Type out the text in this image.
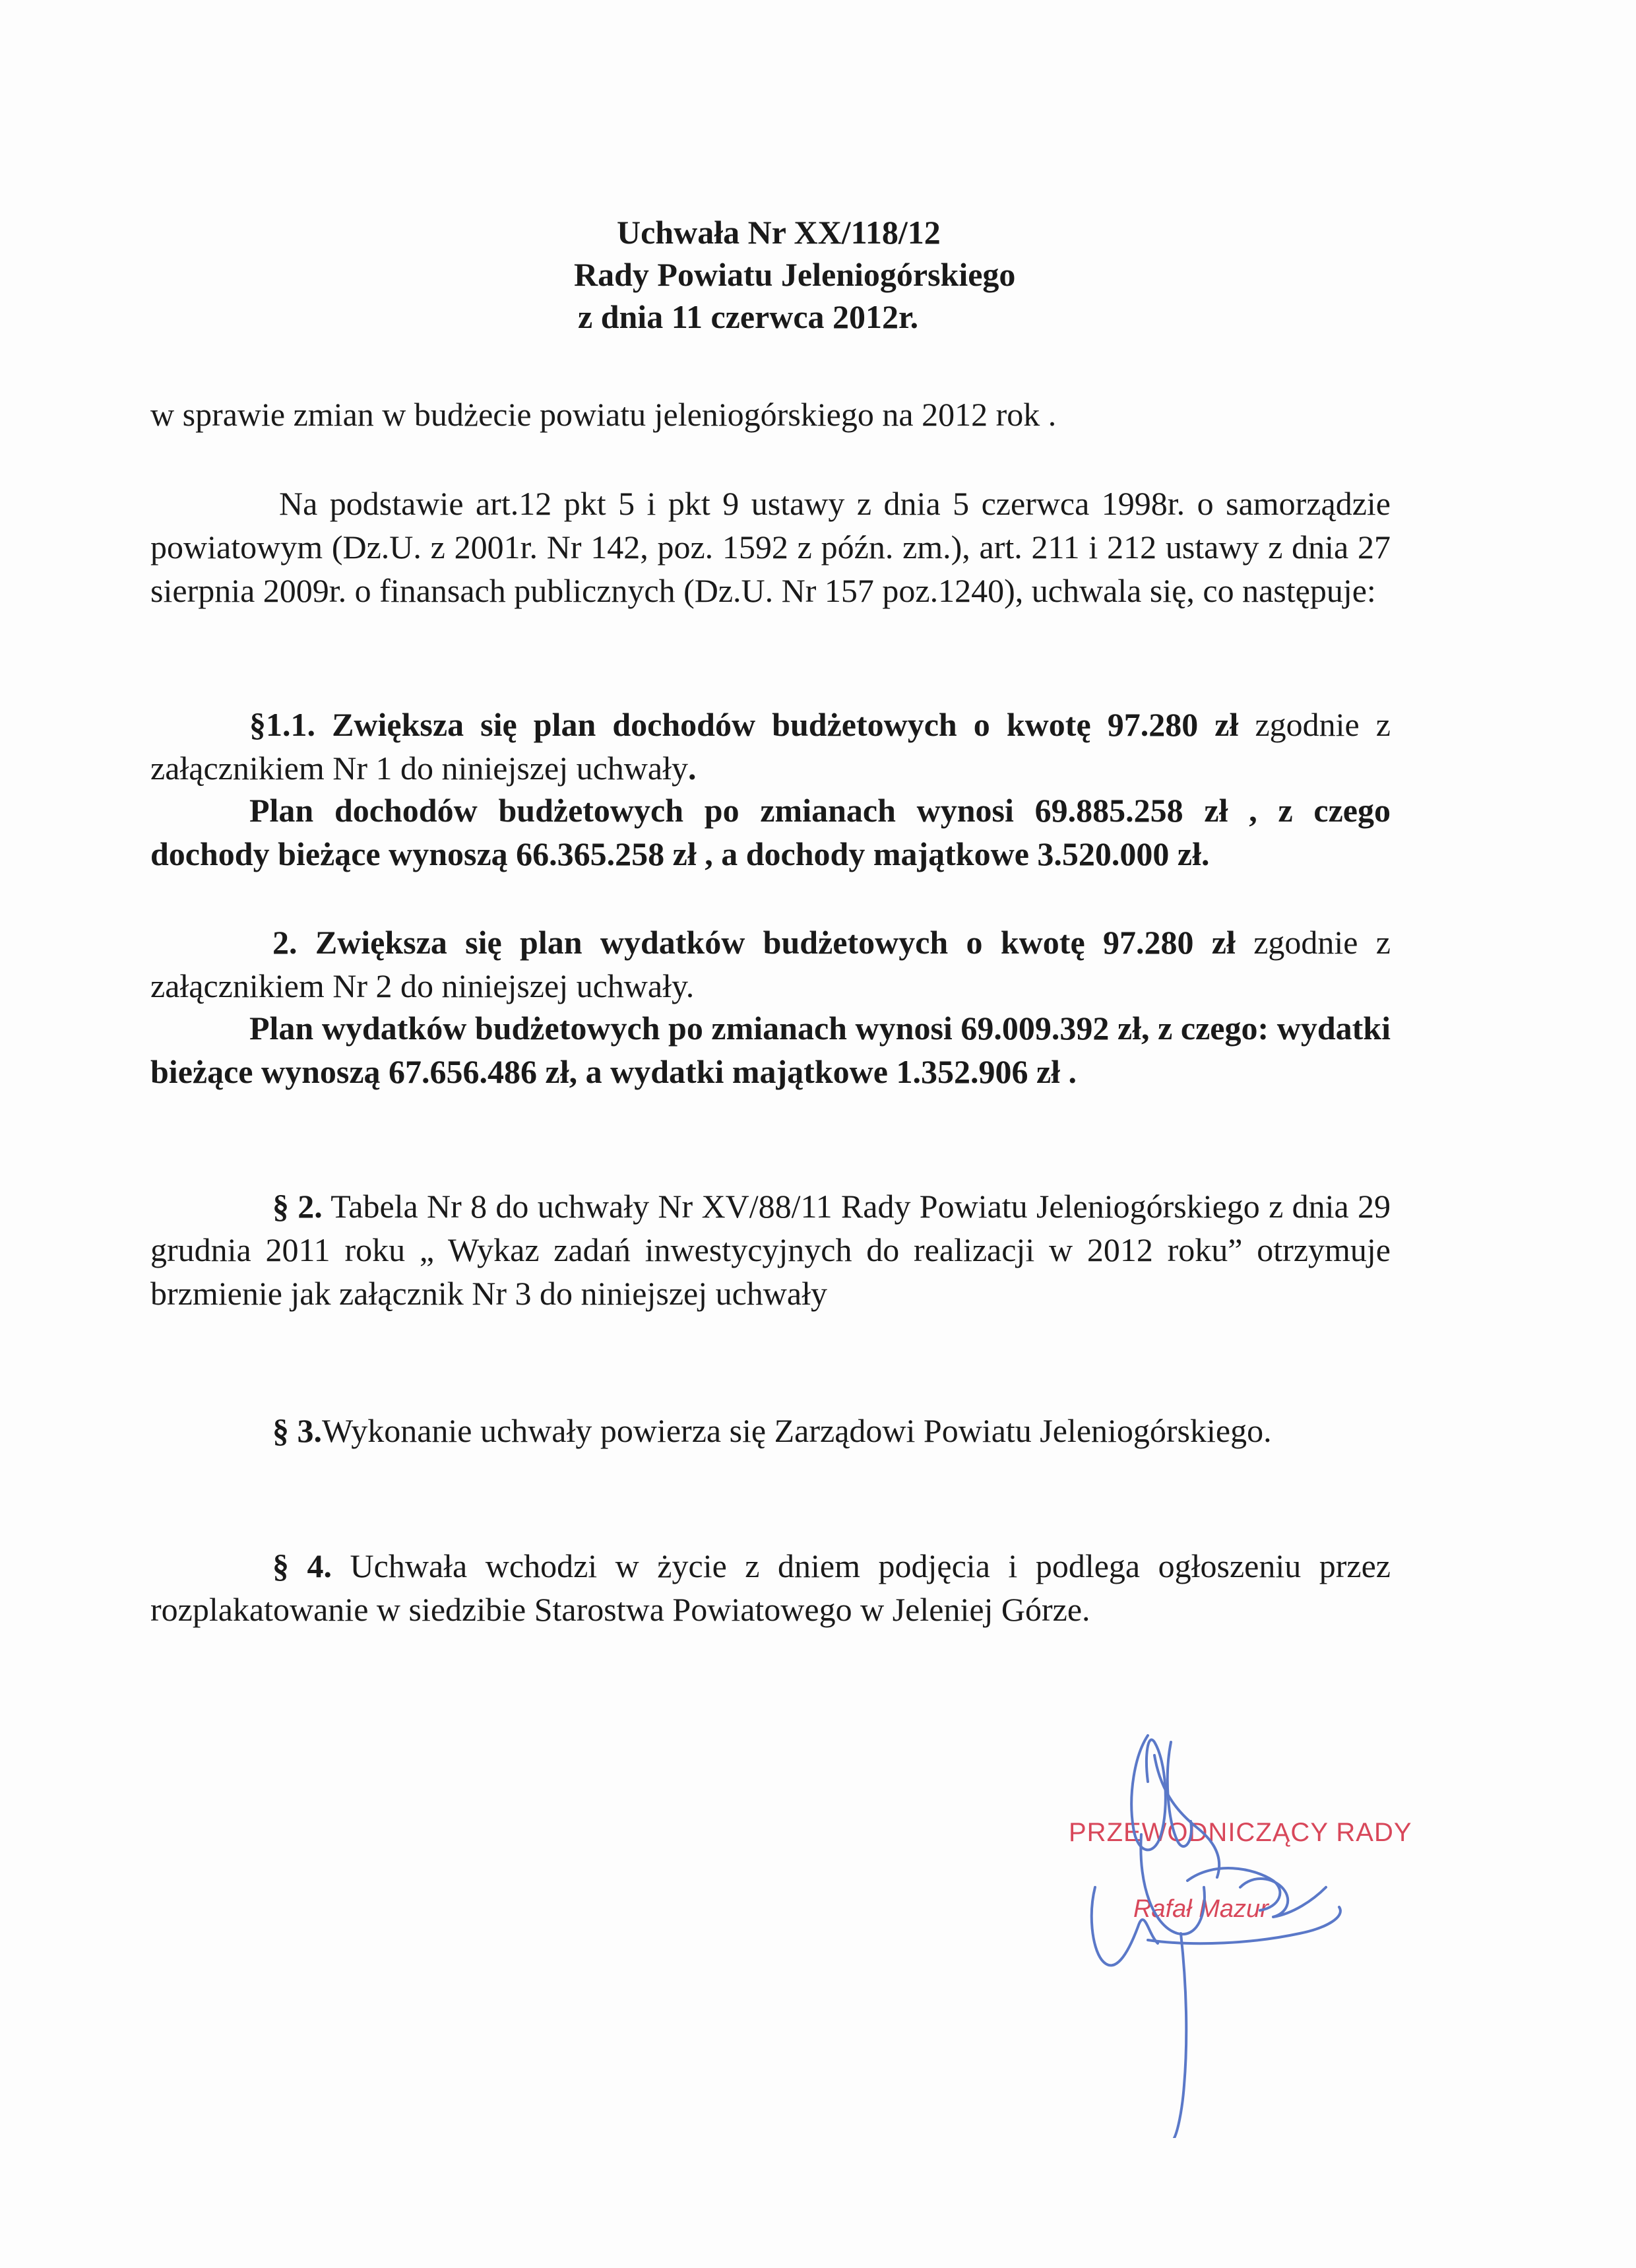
Uchwała Nr XX/118/12
Rady Powiatu Jeleniogórskiego
z dnia 11 czerwca 2012r.
w sprawie zmian w budżecie powiatu jeleniogórskiego na 2012 rok .
Na podstawie art.12 pkt 5 i pkt 9 ustawy z dnia 5 czerwca 1998r. o samorządzie powiatowym (Dz.U. z 2001r. Nr 142, poz. 1592 z późn. zm.), art. 211 i 212 ustawy z dnia 27 sierpnia 2009r. o finansach publicznych (Dz.U. Nr 157 poz.1240), uchwala się, co następuje:
§1.1. Zwiększa się plan dochodów budżetowych o kwotę 97.280 zł zgodnie z załącznikiem Nr 1 do niniejszej uchwały.
Plan dochodów budżetowych po zmianach wynosi 69.885.258 zł , z czego dochody bieżące wynoszą 66.365.258 zł , a dochody majątkowe 3.520.000 zł.
2. Zwiększa się plan wydatków budżetowych o kwotę 97.280 zł zgodnie z załącznikiem Nr 2 do niniejszej uchwały.
Plan wydatków budżetowych po zmianach wynosi 69.009.392 zł, z czego: wydatki bieżące wynoszą 67.656.486 zł, a wydatki majątkowe 1.352.906 zł .
§ 2. Tabela Nr 8 do uchwały Nr XV/88/11 Rady Powiatu Jeleniogórskiego z dnia 29 grudnia 2011 roku „ Wykaz zadań inwestycyjnych do realizacji w 2012 roku” otrzymuje brzmienie jak załącznik Nr 3 do niniejszej uchwały
§ 3.Wykonanie uchwały powierza się Zarządowi Powiatu Jeleniogórskiego.
§ 4. Uchwała wchodzi w życie z dniem podjęcia i podlega ogłoszeniu przez rozplakatowanie w siedzibie Starostwa Powiatowego w Jeleniej Górze.
PRZEWODNICZĄCY RADY
Rafał Mazur
